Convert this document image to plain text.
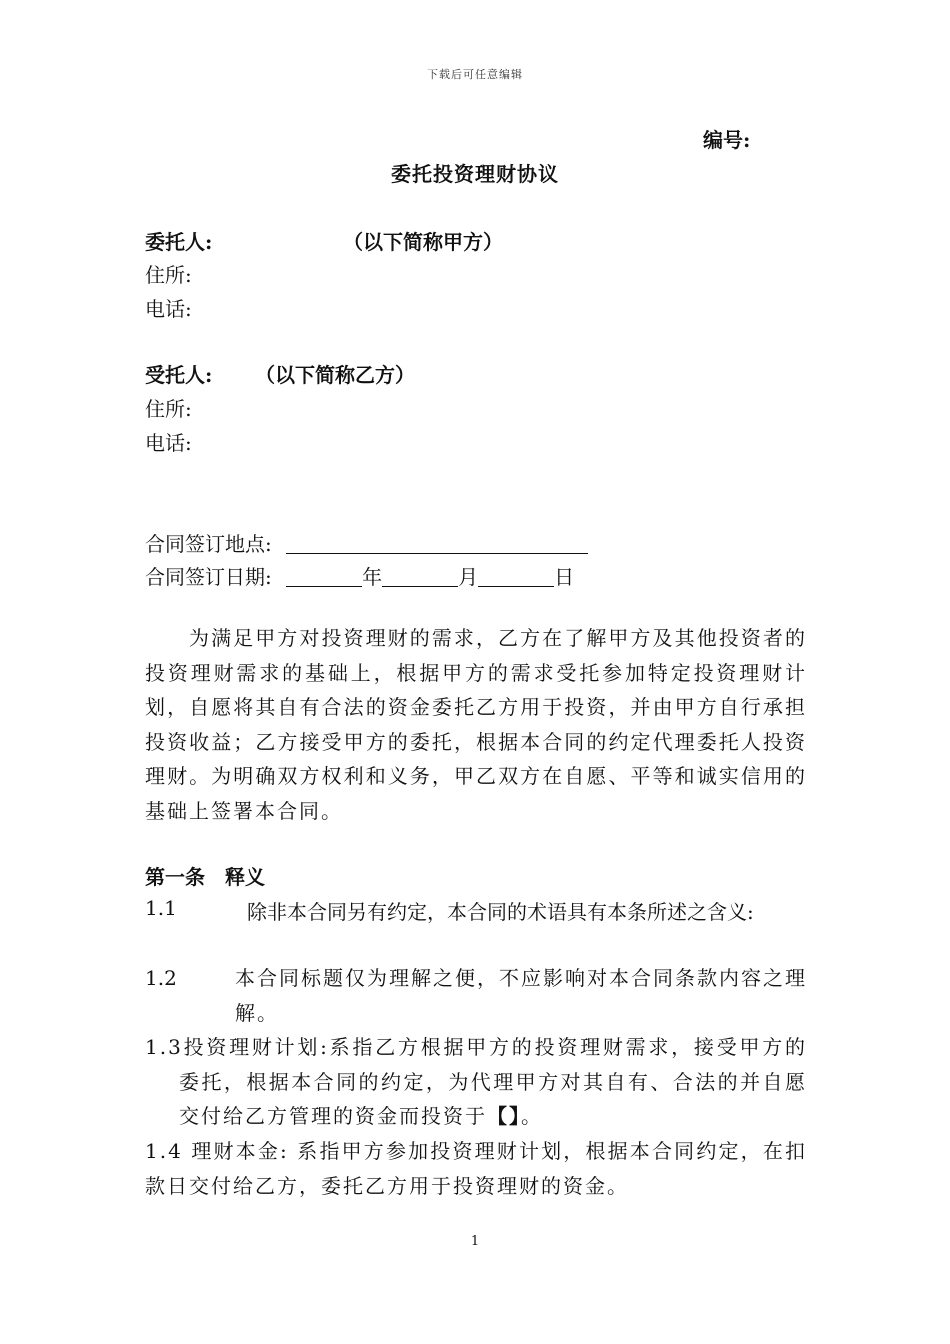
下载后可任意编辑
编号:
委托投资理财协议
委托人:	（以下简称甲方）
住所:
电话:
受托人: （以下简称乙方）
住所:
电话:
合同签订地点:
合同签订日期:	年	月	日

为满足甲方对投资理财的需求，乙方在了解甲方及其他投资者的投资理财需求的基础上，根据甲方的需求受托参加特定投资理财计划，自愿将其自有合法的资金委托乙方用于投资，并由甲方自行承担投资收益；乙方接受甲方的委托，根据本合同的约定代理委托人投资理财。为明确双方权利和义务，甲乙双方在自愿、平等和诚实信用的基础上签署本合同。

第一条　释义
1.1	除非本合同另有约定，本合同的术语具有本条所述之含义:
1.2	本合同标题仅为理解之便，不应影响对本合同条款内容之理解。

1.3投资理财计划:系指乙方根据甲方的投资理财需求，接受甲方的委托，根据本合同的约定，为代理甲方对其自有、合法的并自愿交付给乙方管理的资金而投资于【】。

1.4 理财本金: 系指甲方参加投资理财计划，根据本合同约定，在扣款日交付给乙方，委托乙方用于投资理财的资金。

1
